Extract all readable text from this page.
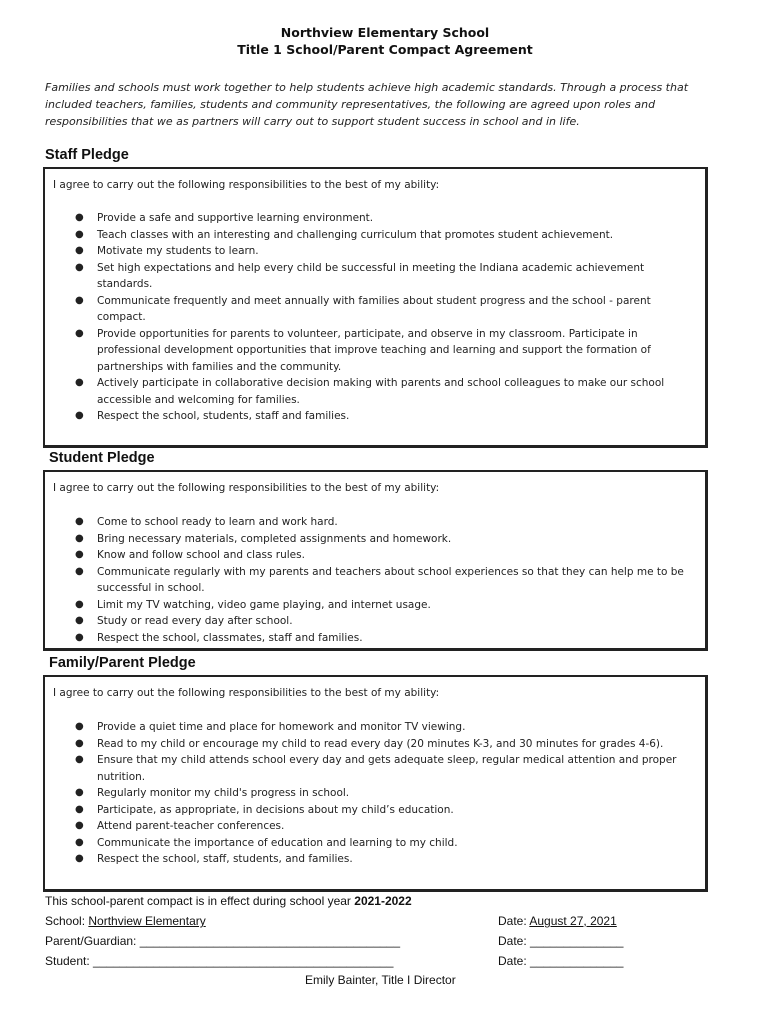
Northview Elementary School
Title 1 School/Parent Compact Agreement
Families and schools must work together to help students achieve high academic standards. Through a process that included teachers, families, students and community representatives, the following are agreed upon roles and responsibilities that we as partners will carry out to support student success in school and in life.
Staff Pledge
I agree to carry out the following responsibilities to the best of my ability:
● Provide a safe and supportive learning environment.
● Teach classes with an interesting and challenging curriculum that promotes student achievement.
● Motivate my students to learn.
● Set high expectations and help every child be successful in meeting the Indiana academic achievement standards.
● Communicate frequently and meet annually with families about student progress and the school - parent compact.
● Provide opportunities for parents to volunteer, participate, and observe in my classroom. Participate in professional development opportunities that improve teaching and learning and support the formation of partnerships with families and the community.
● Actively participate in collaborative decision making with parents and school colleagues to make our school accessible and welcoming for families.
● Respect the school, students, staff and families.
Student Pledge
I agree to carry out the following responsibilities to the best of my ability:
● Come to school ready to learn and work hard.
● Bring necessary materials, completed assignments and homework.
● Know and follow school and class rules.
● Communicate regularly with my parents and teachers about school experiences so that they can help me to be successful in school.
● Limit my TV watching, video game playing, and internet usage.
● Study or read every day after school.
● Respect the school, classmates, staff and families.
Family/Parent Pledge
I agree to carry out the following responsibilities to the best of my ability:
● Provide a quiet time and place for homework and monitor TV viewing.
● Read to my child or encourage my child to read every day (20 minutes K-3, and 30 minutes for grades 4-6).
● Ensure that my child attends school every day and gets adequate sleep, regular medical attention and proper nutrition.
● Regularly monitor my child's progress in school.
● Participate, as appropriate, in decisions about my child’s education.
● Attend parent-teacher conferences.
● Communicate the importance of education and learning to my child.
● Respect the school, staff, students, and families.
This school-parent compact is in effect during school year 2021-2022
School: Northview Elementary	Date: August 27, 2021
Parent/Guardian: _______________________________________	Date: ______________
Student: _____________________________________________	Date: ______________
Emily Bainter, Title I Director
